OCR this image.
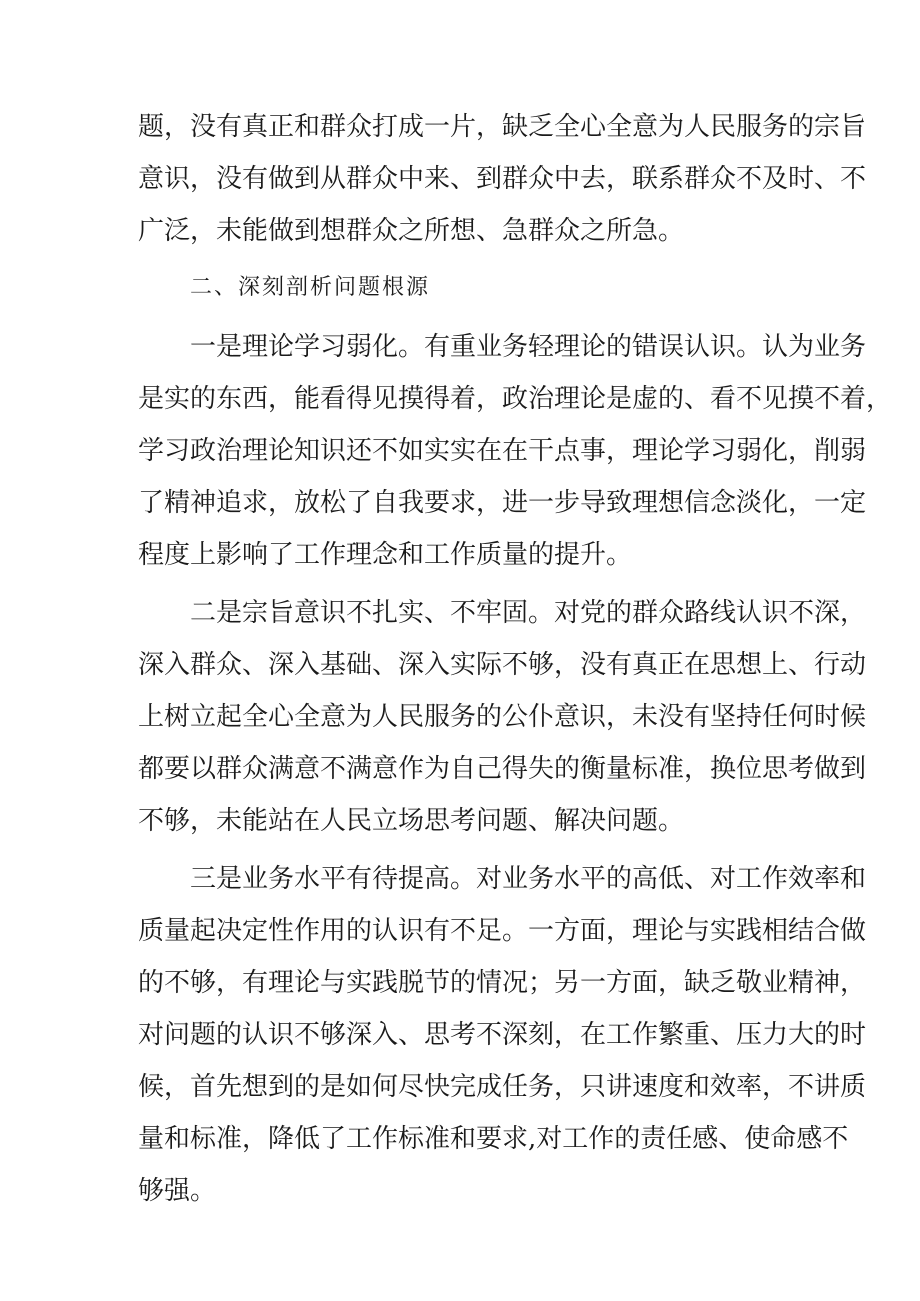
题，没有真正和群众打成一片，缺乏全心全意为人民服务的宗旨
意识，没有做到从群众中来、到群众中去，联系群众不及时、不
广泛，未能做到想群众之所想、急群众之所急。
二、深刻剖析问题根源
一是理论学习弱化。有重业务轻理论的错误认识。认为业务
是实的东西，能看得见摸得着，政治理论是虚的、看不见摸不着，
学习政治理论知识还不如实实在在干点事，理论学习弱化，削弱
了精神追求，放松了自我要求，进一步导致理想信念淡化，一定
程度上影响了工作理念和工作质量的提升。
二是宗旨意识不扎实、不牢固。对党的群众路线认识不深，
深入群众、深入基础、深入实际不够，没有真正在思想上、行动
上树立起全心全意为人民服务的公仆意识，未没有坚持任何时候
都要以群众满意不满意作为自己得失的衡量标准，换位思考做到
不够，未能站在人民立场思考问题、解决问题。
三是业务水平有待提高。对业务水平的高低、对工作效率和
质量起决定性作用的认识有不足。一方面，理论与实践相结合做
的不够，有理论与实践脱节的情况；另一方面，缺乏敬业精神，
对问题的认识不够深入、思考不深刻，在工作繁重、压力大的时
候，首先想到的是如何尽快完成任务，只讲速度和效率，不讲质
量和标准，降低了工作标准和要求,对工作的责任感、使命感不
够强。
